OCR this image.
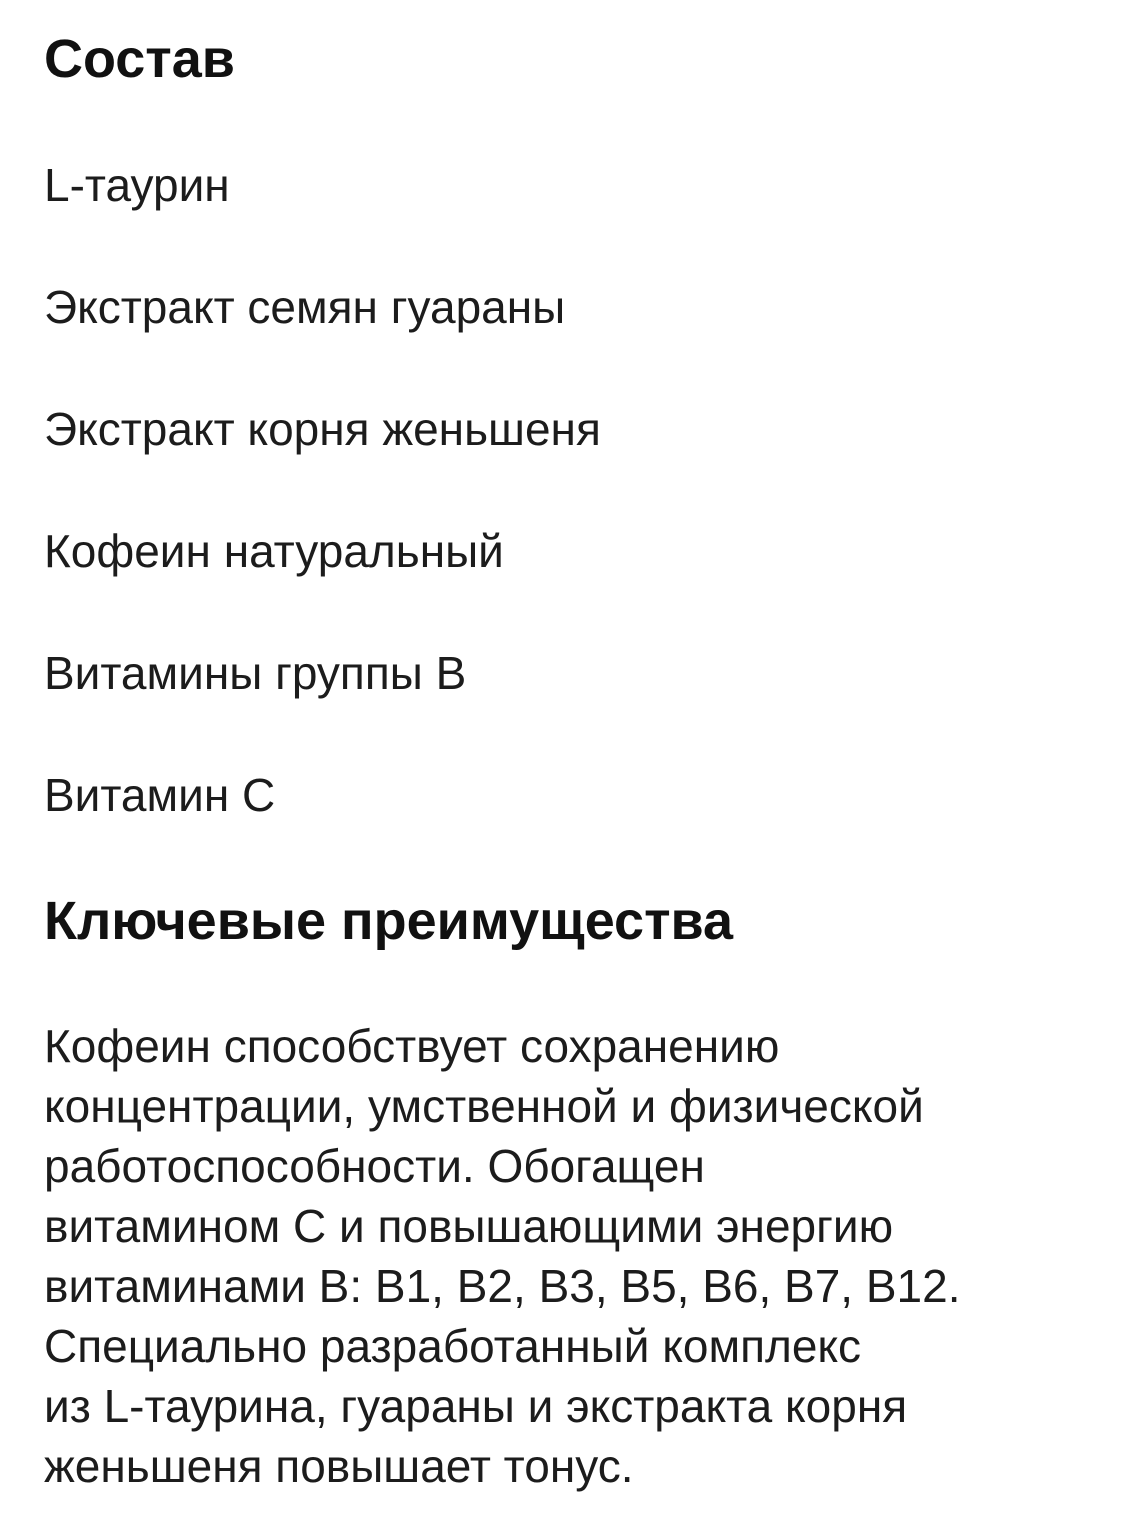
Состав
L-таурин
Экстракт семян гуараны
Экстракт корня женьшеня
Кофеин натуральный
Витамины группы В
Витамин С
Ключевые преимущества

Кофеин способствует сохранению
концентрации, умственной и физической
работоспособности. Обогащен
витамином С и повышающими энергию
витаминами В: В1, В2, В3, В5, В6, В7, В12.
Специально разработанный комплекс
из L-таурина, гуараны и экстракта корня
женьшеня повышает тонус.
